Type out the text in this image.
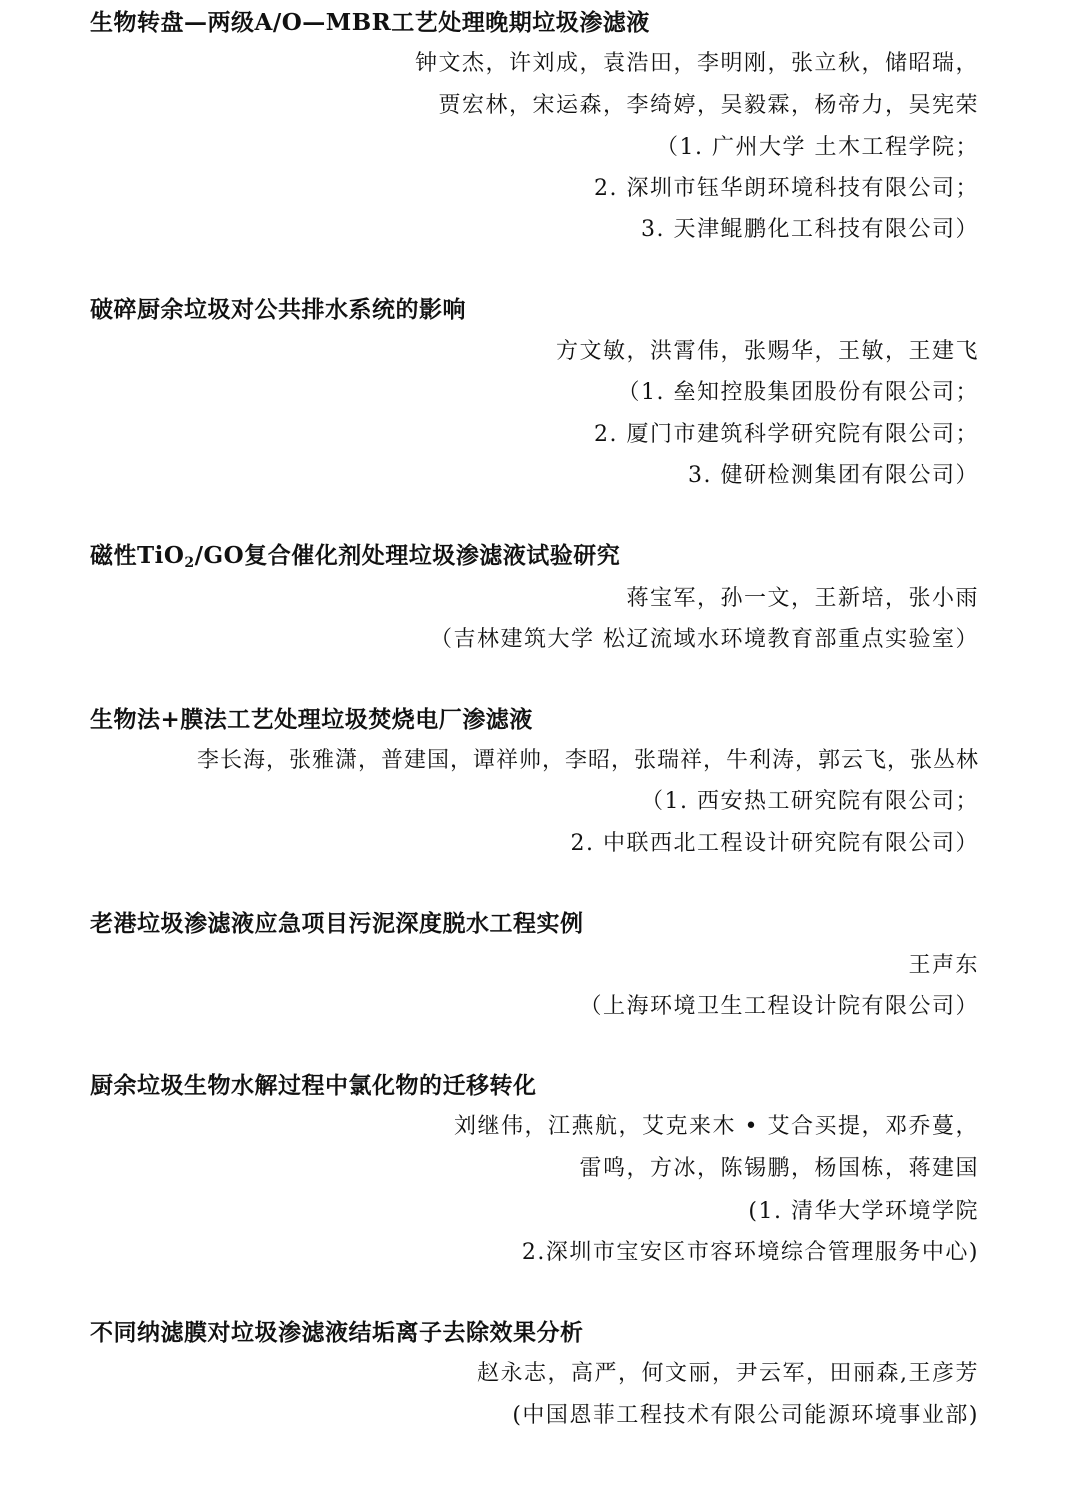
生物转盘—两级A/O—MBR工艺处理晚期垃圾渗滤液
钟文杰，许刘成，袁浩田，李明刚，张立秋，储昭瑞，
贾宏林，宋运森，李绮婷，吴毅霖，杨帝力，吴宪荣
（1. 广州大学 土木工程学院；
2. 深圳市钰华朗环境科技有限公司；
3. 天津鲲鹏化工科技有限公司）
破碎厨余垃圾对公共排水系统的影响
方文敏，洪霄伟，张赐华，王敏，王建飞
（1. 垒知控股集团股份有限公司；
2. 厦门市建筑科学研究院有限公司；
3. 健研检测集团有限公司）
磁性TiO$_2$/GO复合催化剂处理垃圾渗滤液试验研究
蒋宝军，孙一文，王新培，张小雨
（吉林建筑大学 松辽流域水环境教育部重点实验室）
生物法+膜法工艺处理垃圾焚烧电厂渗滤液
李长海，张雅潇，普建国，谭祥帅，李昭，张瑞祥，牛利涛，郭云飞，张丛林
（1. 西安热工研究院有限公司；
2. 中联西北工程设计研究院有限公司）
老港垃圾渗滤液应急项目污泥深度脱水工程实例
王声东
（上海环境卫生工程设计院有限公司）
厨余垃圾生物水解过程中氯化物的迁移转化
刘继伟，江燕航，艾克来木 • 艾合买提，邓乔蔓，
雷鸣，方冰，陈锡鹏，杨国栋，蒋建国
(1. 清华大学环境学院
2.深圳市宝安区市容环境综合管理服务中心)
不同纳滤膜对垃圾渗滤液结垢离子去除效果分析
赵永志，高严，何文丽，尹云军，田丽森,王彦芳
(中国恩菲工程技术有限公司能源环境事业部)
